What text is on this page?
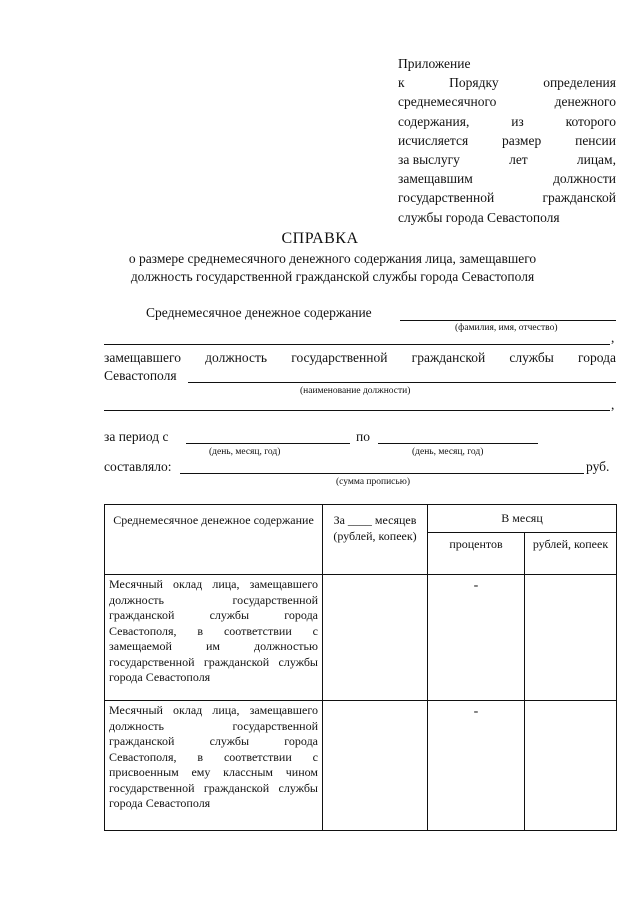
Приложение
к	Порядку	определения
среднемесячного	денежного
содержания,	из	которого
исчисляется	размер	пенсии
за выслугу	лет	лицам,
замещавшим	должности
государственной	гражданской
службы города Севастополя
СПРАВКА
о размере среднемесячного денежного содержания лица, замещавшего
должность государственной гражданской службы города Севастополя
Среднемесячное денежное содержание
(фамилия, имя, отчество)
,
замещавшего должность государственной гражданской службы города
Севастополя
(наименование должности)
,
за период с	по
(день, месяц, год)	(день, месяц, год)
составляло:	руб.
(сумма прописью)
Среднемесячное денежное содержание	За ____ месяцев (рублей, копеек)	В месяц	
		процентов	рублей, копеек
Месячный оклад лица, замещавшего должность государственной гражданской службы города Севастополя, в соответствии с замещаемой им должностью государственной гражданской службы города Севастополя		-	

Месячный оклад лица, замещавшего должность государственной гражданской службы города Севастополя, в соответствии с присвоенным ему классным чином государственной гражданской службы города Севастополя		-	
